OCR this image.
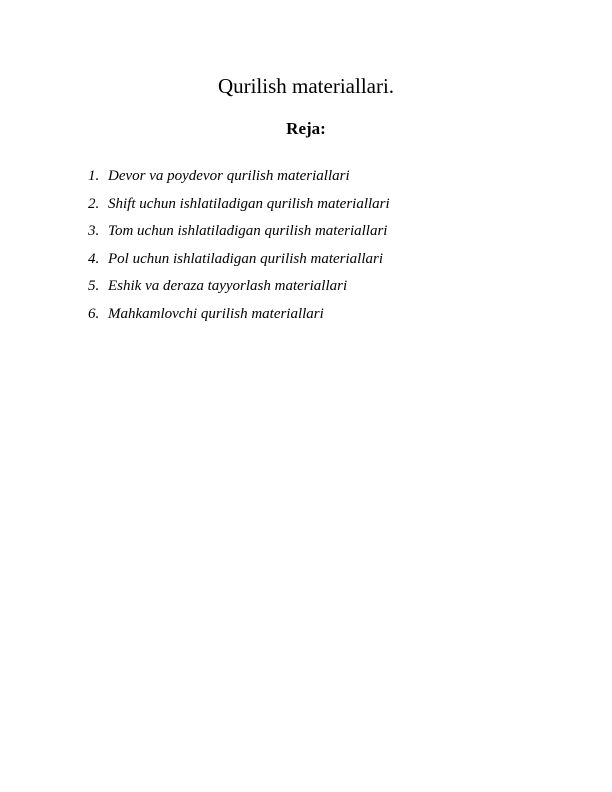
Qurilish materiallari.
Reja:
1. Devor va poydevor qurilish materiallari
2. Shift uchun ishlatiladigan qurilish materiallari
3. Tom uchun ishlatiladigan qurilish materiallari
4. Pol uchun ishlatiladigan qurilish materiallari
5. Eshik va deraza tayyorlash materiallari
6. Mahkamlovchi qurilish materiallari
